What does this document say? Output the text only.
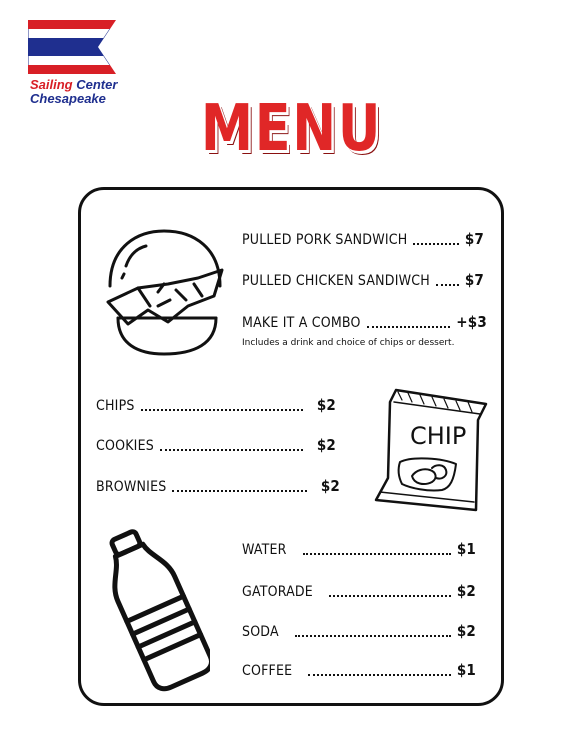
Sailing Center
Chesapeake	MENU
PULLED PORK SANDWICH	$7
PULLED CHICKEN SANDIWCH $7
MAKE IT A COMBO	+$3
Includes a drink and choice of chips or dessert.
CHIPS	$2
COOKIES	$2
BROWNIES	$2
CHIP
WATER	$1
GATORADE	$2
SODA	$2
COFFEE	$1
